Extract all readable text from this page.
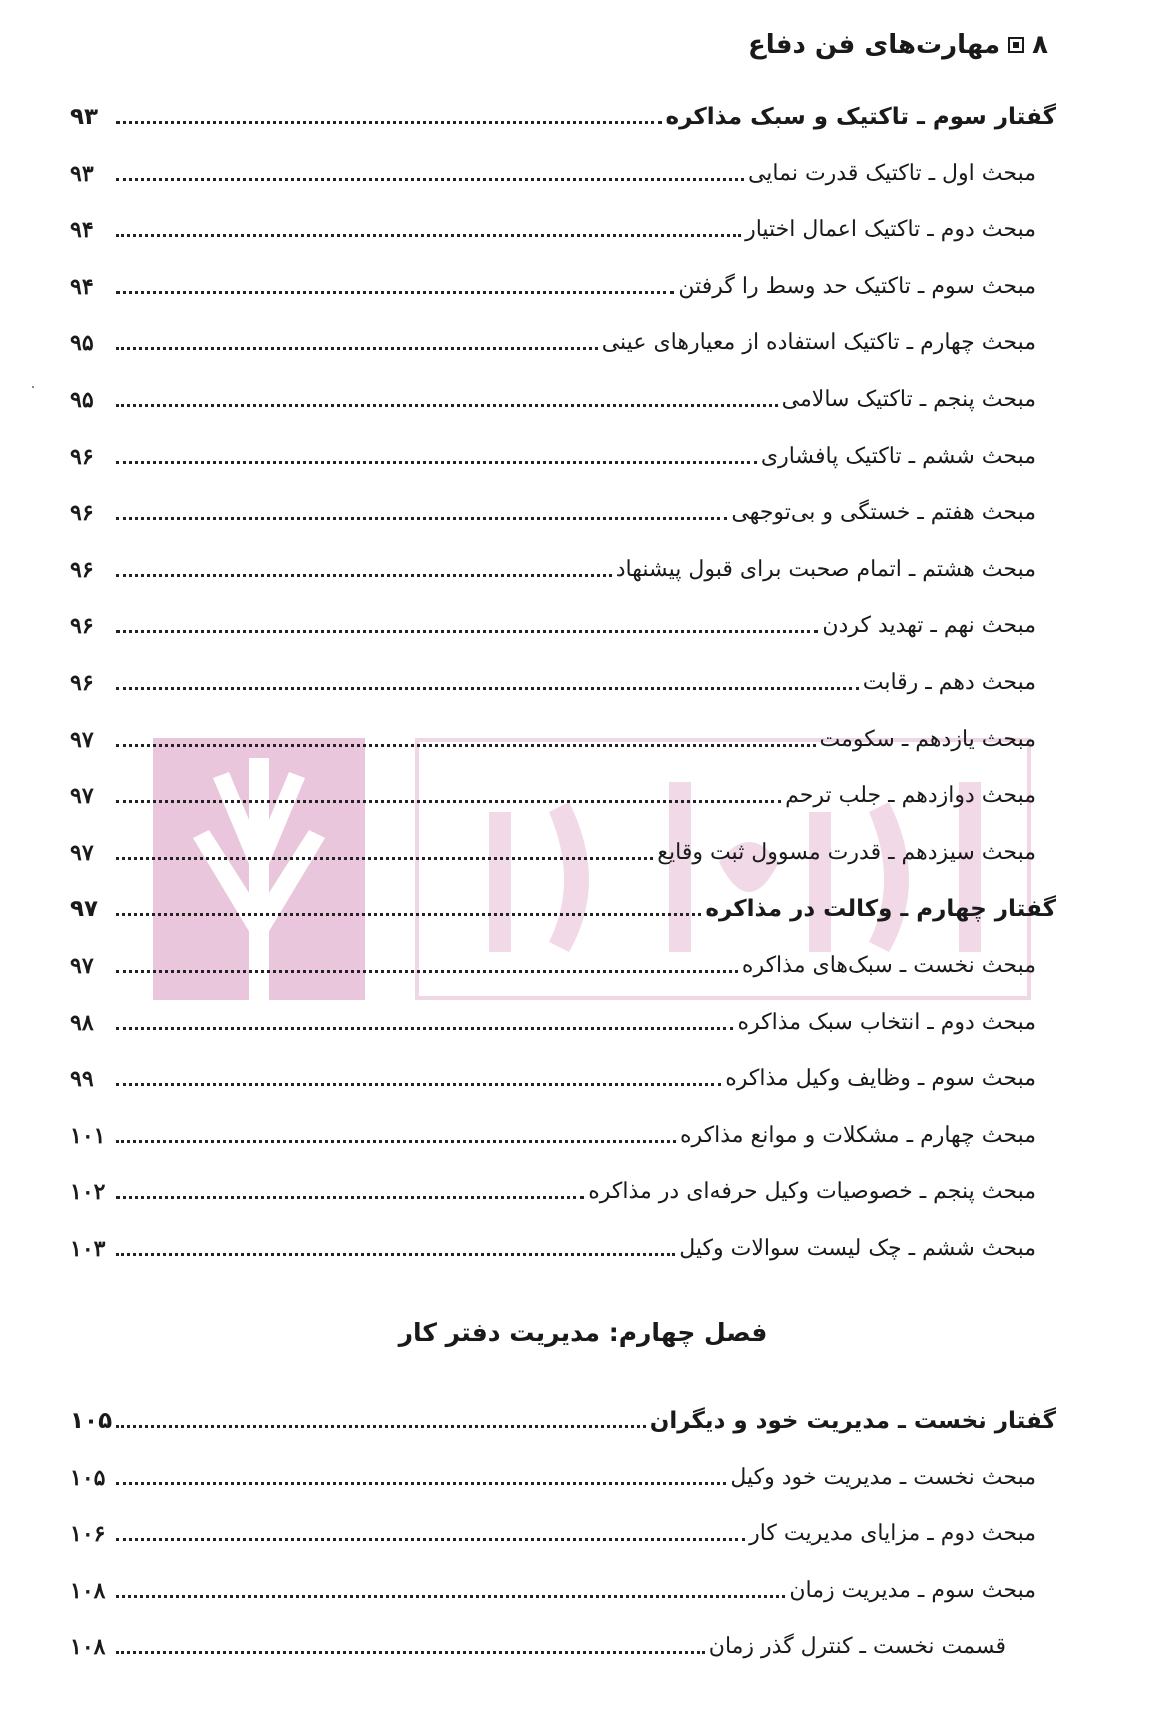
۸
مهارت‌های فن دفاع
گفتار سوم ـ تاکتیک و سبک مذاکره
۹۳
مبحث اول ـ تاکتیک قدرت نمایی
۹۳
مبحث دوم ـ تاکتیک اعمال اختیار
۹۴
مبحث سوم ـ تاکتیک حد وسط را گرفتن
۹۴
مبحث چهارم ـ تاکتیک استفاده از معیارهای عینی
۹۵
مبحث پنجم ـ تاکتیک سالامی
۹۵
مبحث ششم ـ تاکتیک پافشاری
۹۶
مبحث هفتم ـ خستگی و بی‌توجهی
۹۶
مبحث هشتم ـ اتمام صحبت برای قبول پیشنهاد
۹۶
مبحث نهم ـ تهدید کردن
۹۶
مبحث دهم ـ رقابت
۹۶
مبحث یازدهم ـ سکومت
۹۷
مبحث دوازدهم ـ جلب ترحم
۹۷
مبحث سیزدهم ـ قدرت مسوول ثبت وقایع
۹۷
گفتار چهارم ـ وکالت در مذاکره
۹۷
مبحث نخست ـ سبک‌های مذاکره
۹۷
مبحث دوم ـ انتخاب سبک مذاکره
۹۸
مبحث سوم ـ وظایف وکیل مذاکره
۹۹
مبحث چهارم ـ مشکلات و موانع مذاکره
۱۰۱
مبحث پنجم ـ خصوصیات وکیل حرفه‌ای در مذاکره
۱۰۲
مبحث ششم ـ چک لیست سوالات وکیل
۱۰۳
گفتار نخست ـ مدیریت خود و دیگران
۱۰۵
مبحث نخست ـ مدیریت خود وکیل
۱۰۵
مبحث دوم ـ مزایای مدیریت کار
۱۰۶
مبحث سوم ـ مدیریت زمان
۱۰۸
قسمت نخست ـ کنترل گذر زمان
۱۰۸
فصل چهارم: مدیریت دفتر کار
